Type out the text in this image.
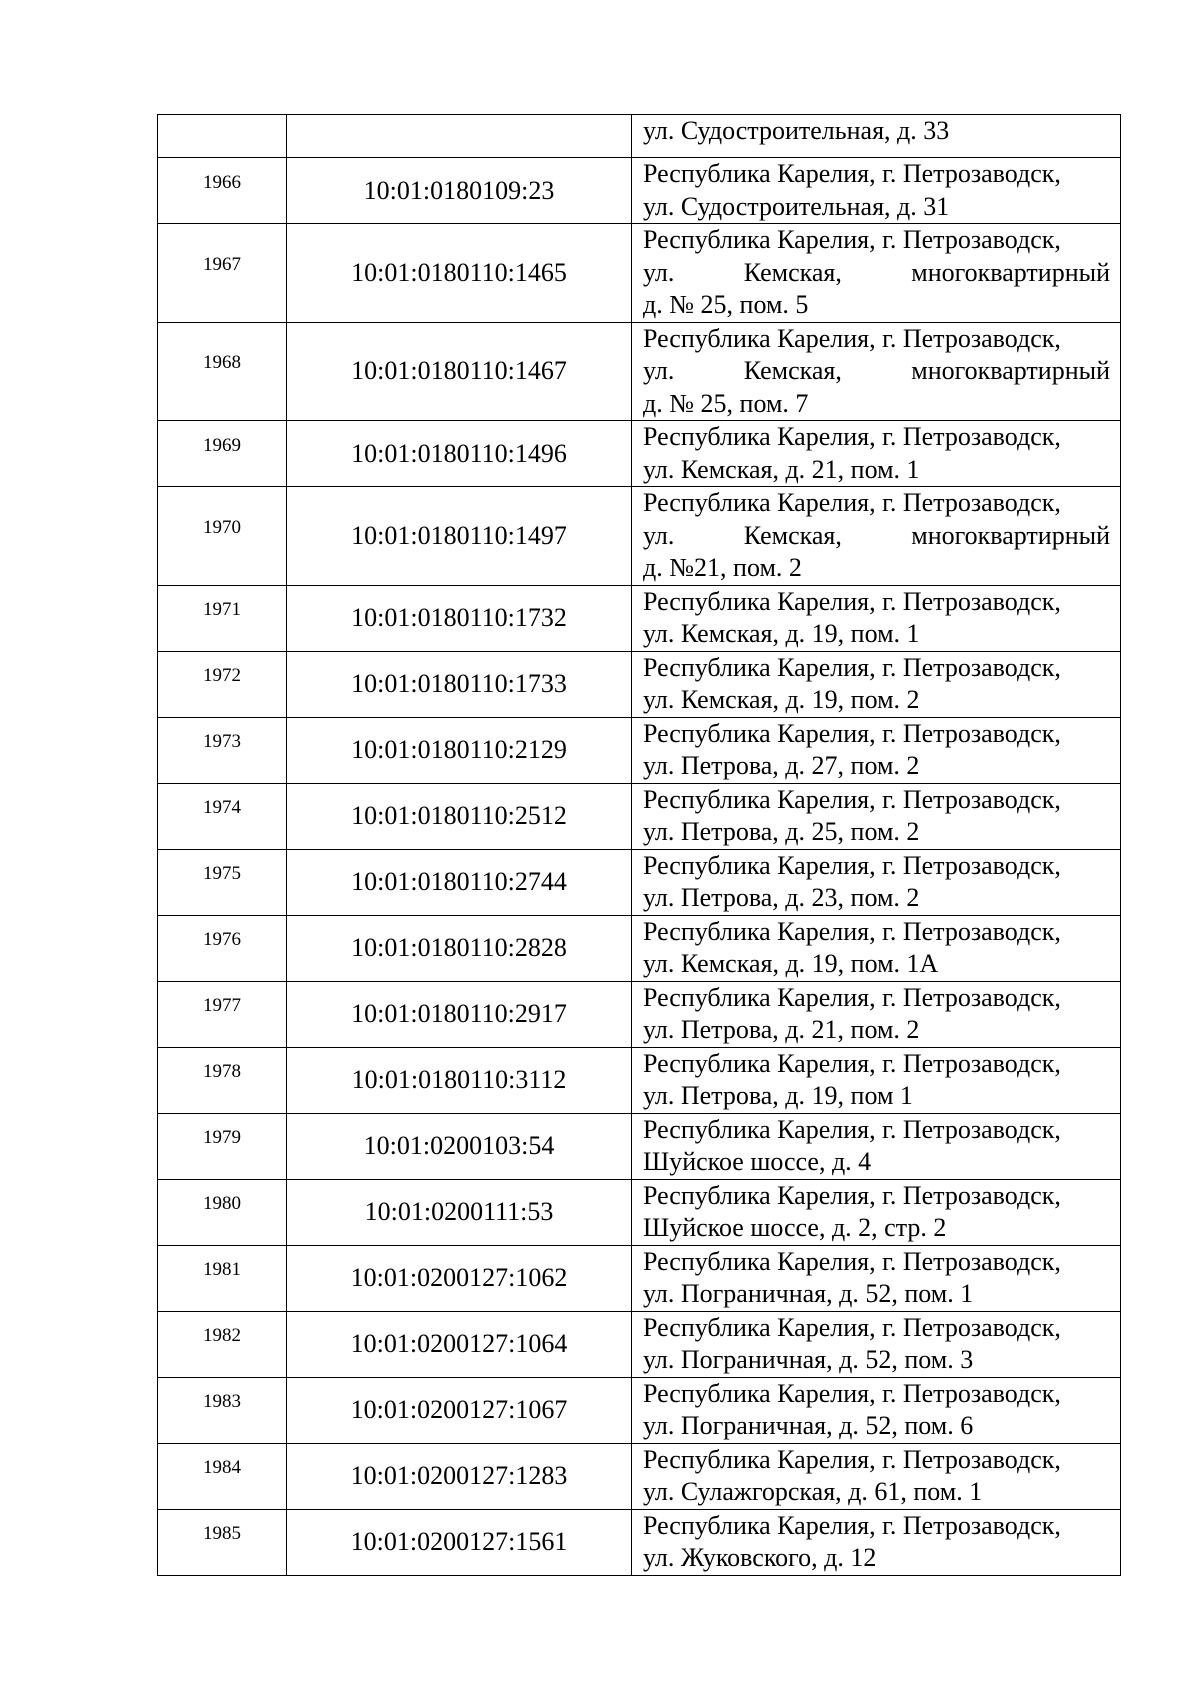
		ул. Судостроительная, д. 33

1966	10:01:0180109:23	Республика Карелия, г. Петрозаводск,
ул. Судостроительная, д. 31

1967	10:01:0180110:1465	Республика Карелия, г. Петрозаводск,
ул. Кемская, многоквартирный
д. № 25, пом. 5

1968	10:01:0180110:1467	Республика Карелия, г. Петрозаводск,
ул. Кемская, многоквартирный
д. № 25, пом. 7

1969	10:01:0180110:1496	Республика Карелия, г. Петрозаводск,
ул. Кемская, д. 21, пом. 1

1970	10:01:0180110:1497	Республика Карелия, г. Петрозаводск,
ул. Кемская, многоквартирный
д. №21, пом. 2

1971	10:01:0180110:1732	Республика Карелия, г. Петрозаводск,
ул. Кемская, д. 19, пом. 1

1972	10:01:0180110:1733	Республика Карелия, г. Петрозаводск,
ул. Кемская, д. 19, пом. 2

1973	10:01:0180110:2129	Республика Карелия, г. Петрозаводск,
ул. Петрова, д. 27, пом. 2

1974	10:01:0180110:2512	Республика Карелия, г. Петрозаводск,
ул. Петрова, д. 25, пом. 2

1975	10:01:0180110:2744	Республика Карелия, г. Петрозаводск,
ул. Петрова, д. 23, пом. 2

1976	10:01:0180110:2828	Республика Карелия, г. Петрозаводск,
ул. Кемская, д. 19, пом. 1А

1977	10:01:0180110:2917	Республика Карелия, г. Петрозаводск,
ул. Петрова, д. 21, пом. 2

1978	10:01:0180110:3112	Республика Карелия, г. Петрозаводск,
ул. Петрова, д. 19, пом 1

1979	10:01:0200103:54	Республика Карелия, г. Петрозаводск,
Шуйское шоссе, д. 4

1980	10:01:0200111:53	Республика Карелия, г. Петрозаводск,
Шуйское шоссе, д. 2, стр. 2

1981	10:01:0200127:1062	Республика Карелия, г. Петрозаводск,
ул. Пограничная, д. 52, пом. 1

1982	10:01:0200127:1064	Республика Карелия, г. Петрозаводск,
ул. Пограничная, д. 52, пом. 3

1983	10:01:0200127:1067	Республика Карелия, г. Петрозаводск,
ул. Пограничная, д. 52, пом. 6

1984	10:01:0200127:1283	Республика Карелия, г. Петрозаводск,
ул. Сулажгорская, д. 61, пом. 1

1985	10:01:0200127:1561	Республика Карелия, г. Петрозаводск,
ул. Жуковского, д. 12
